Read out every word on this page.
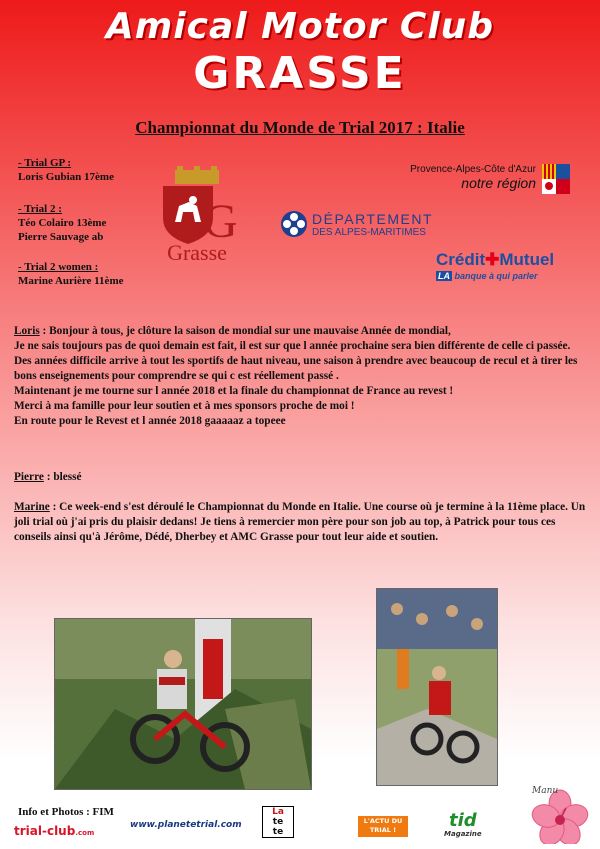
Amical Motor Club
GRASSE
Championnat du Monde de Trial 2017 : Italie
- Trial GP :
Loris Gubian 17ème
- Trial 2 :
Téo Colairo 13ème
Pierre Sauvage ab
- Trial 2 women :
Marine Aurière 11ème
G
Grasse
Provence-Alpes-Côte d'Azur
notre région
DÉPARTEMENT
DES ALPES-MARITIMES
Crédit✚Mutuel
LA banque à qui parler
Loris : Bonjour à tous, je clôture la saison de mondial sur une mauvaise Année de mondial,
Je ne sais toujours pas de quoi demain est fait, il est sur que l année prochaine sera bien différente de celle ci passée.
Des années difficile arrive à tout les sportifs de haut niveau, une saison à prendre avec beaucoup de recul et à tirer les bons enseignements pour comprendre se qui c est réellement passé .
Maintenant je me tourne sur l année 2018 et la finale du championnat de France au revest !
Merci à ma famille pour leur soutien et à mes sponsors proche de moi !
En route pour le Revest et l année 2018 gaaaaaz a topeee
Pierre : blessé
Marine : Ce week-end s'est déroulé le Championnat du Monde en Italie. Une course où je termine à la 11ème place. Un joli trial où j'ai pris du plaisir dedans! Je tiens à remercier mon père pour son job au top, à Patrick pour tous ces conseils ainsi qu'à Jérôme, Dédé, Dherbey et AMC Grasse pour tout leur aide et soutien.
Info et Photos : FIM
trial-club.com
www.planetetrial.com
La
te
te
L'ACTU DU
TRIAL !	tid
Magazine
Manu
